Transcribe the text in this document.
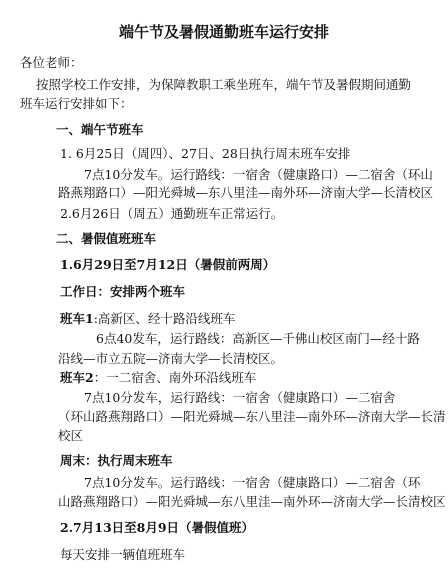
端午节及暑假通勤班车运行安排
各位老师：
按照学校工作安排，为保障教职工乘坐班车，端午节及暑假期间通勤
班车运行安排如下：
一、端午节班车
1. 6月25日（周四）、27日、28日执行周末班车安排
7点10分发车。运行路线：一宿舍（健康路口）—二宿舍（环山
路燕翔路口）—阳光舜城—东八里洼—南外环—济南大学—长清校区
2.6月26日（周五）通勤班车正常运行。
二、暑假值班班车
1.6月29日至7月12日（暑假前两周）
工作日：安排两个班车
班车1:高新区、经十路沿线班车
6点40发车，运行路线：高新区—千佛山校区南门—经十路
沿线—市立五院—济南大学—长清校区。
班车2：一二宿舍、南外环沿线班车
7点10分发车，运行路线：一宿舍（健康路口）—二宿舍
（环山路燕翔路口）—阳光舜城—东八里洼—南外环—济南大学—长清
校区
周末：执行周末班车
7点10分发车。运行路线：一宿舍（健康路口）—二宿舍（环
山路燕翔路口）—阳光舜城—东八里洼—南外环—济南大学—长清校区
2.7月13日至8月9日（暑假值班）
每天安排一辆值班班车
